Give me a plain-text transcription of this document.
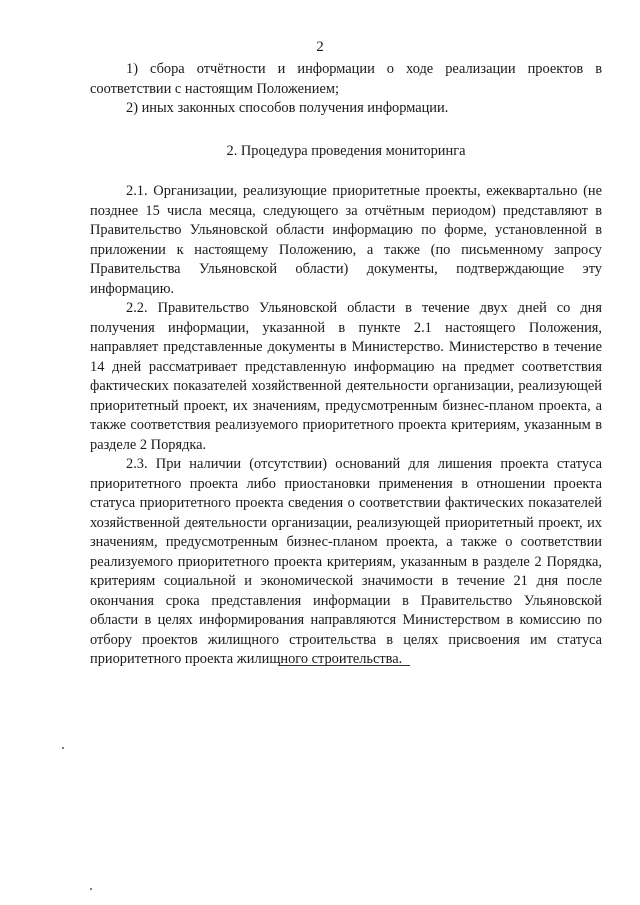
2

1) сбора отчётности и информации о ходе реализации проектов в соответствии с настоящим Положением;

2) иных законных способов получения информации.

2. Процедура проведения мониторинга

2.1. Организации, реализующие приоритетные проекты, ежеквартально (не позднее 15 числа месяца, следующего за отчётным периодом) представляют в Правительство Ульяновской области информацию по форме, установленной в приложении к настоящему Положению, а также (по письменному запросу Правительства Ульяновской области) документы, подтверждающие эту информацию.

2.2. Правительство Ульяновской области в течение двух дней со дня получения информации, указанной в пункте 2.1 настоящего Положения, направляет представленные документы в Министерство. Министерство в течение 14 дней рассматривает представленную информацию на предмет соответствия фактических показателей хозяйственной деятельности организации, реализующей приоритетный проект, их значениям, предусмотренным бизнес-планом проекта, а также соответствия реализуемого приоритетного проекта критериям, указанным в разделе 2 Порядка.

2.3. При наличии (отсутствии) оснований для лишения проекта статуса приоритетного проекта либо приостановки применения в отношении проекта статуса приоритетного проекта сведения о соответствии фактических показателей хозяйственной деятельности организации, реализующей приоритетный проект, их значениям, предусмотренным бизнес-планом проекта, а также о соответствии реализуемого приоритетного проекта критериям, указанным в разделе 2 Порядка, критериям социальной и экономической значимости в течение 21 дня после окончания срока представления информации в Правительство Ульяновской области в целях информирования направляются Министерством в комиссию по отбору проектов жилищного строительства в целях присвоения им статуса приоритетного проекта жилищного строительства.
